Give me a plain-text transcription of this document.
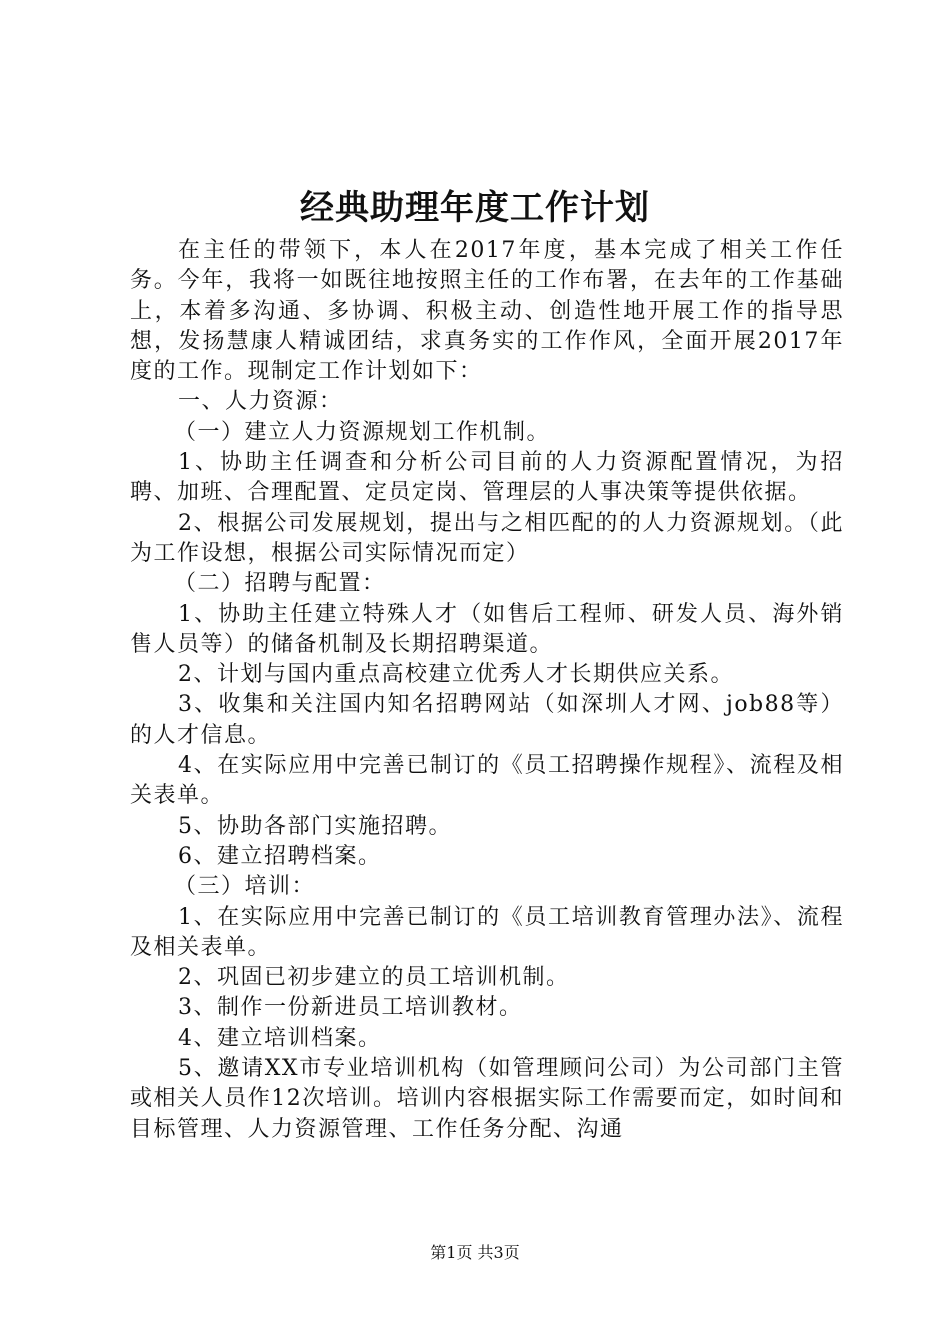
经典助理年度工作计划

在主任的带领下，本人在2017年度，基本完成了相关工作任务。今年，我将一如既往地按照主任的工作布署，在去年的工作基础上，本着多沟通、多协调、积极主动、创造性地开展工作的指导思想，发扬慧康人精诚团结，求真务实的工作作风，全面开展2017年度的工作。现制定工作计划如下：

一、人力资源：

（一）建立人力资源规划工作机制。

1、协助主任调查和分析公司目前的人力资源配置情况，为招聘、加班、合理配置、定员定岗、管理层的人事决策等提供依据。

2、根据公司发展规划，提出与之相匹配的的人力资源规划。（此为工作设想，根据公司实际情况而定）

（二）招聘与配置：

1、协助主任建立特殊人才（如售后工程师、研发人员、海外销售人员等）的储备机制及长期招聘渠道。

2、计划与国内重点高校建立优秀人才长期供应关系。

3、收集和关注国内知名招聘网站（如深圳人才网、job88等）的人才信息。

4、在实际应用中完善已制订的《员工招聘操作规程》、流程及相关表单。

5、协助各部门实施招聘。

6、建立招聘档案。

（三）培训：

1、在实际应用中完善已制订的《员工培训教育管理办法》、流程及相关表单。

2、巩固已初步建立的员工培训机制。

3、制作一份新进员工培训教材。

4、建立培训档案。

5、邀请XX市专业培训机构（如管理顾问公司）为公司部门主管或相关人员作12次培训。培训内容根据实际工作需要而定，如时间和目标管理、人力资源管理、工作任务分配、沟通

第1页 共3页
